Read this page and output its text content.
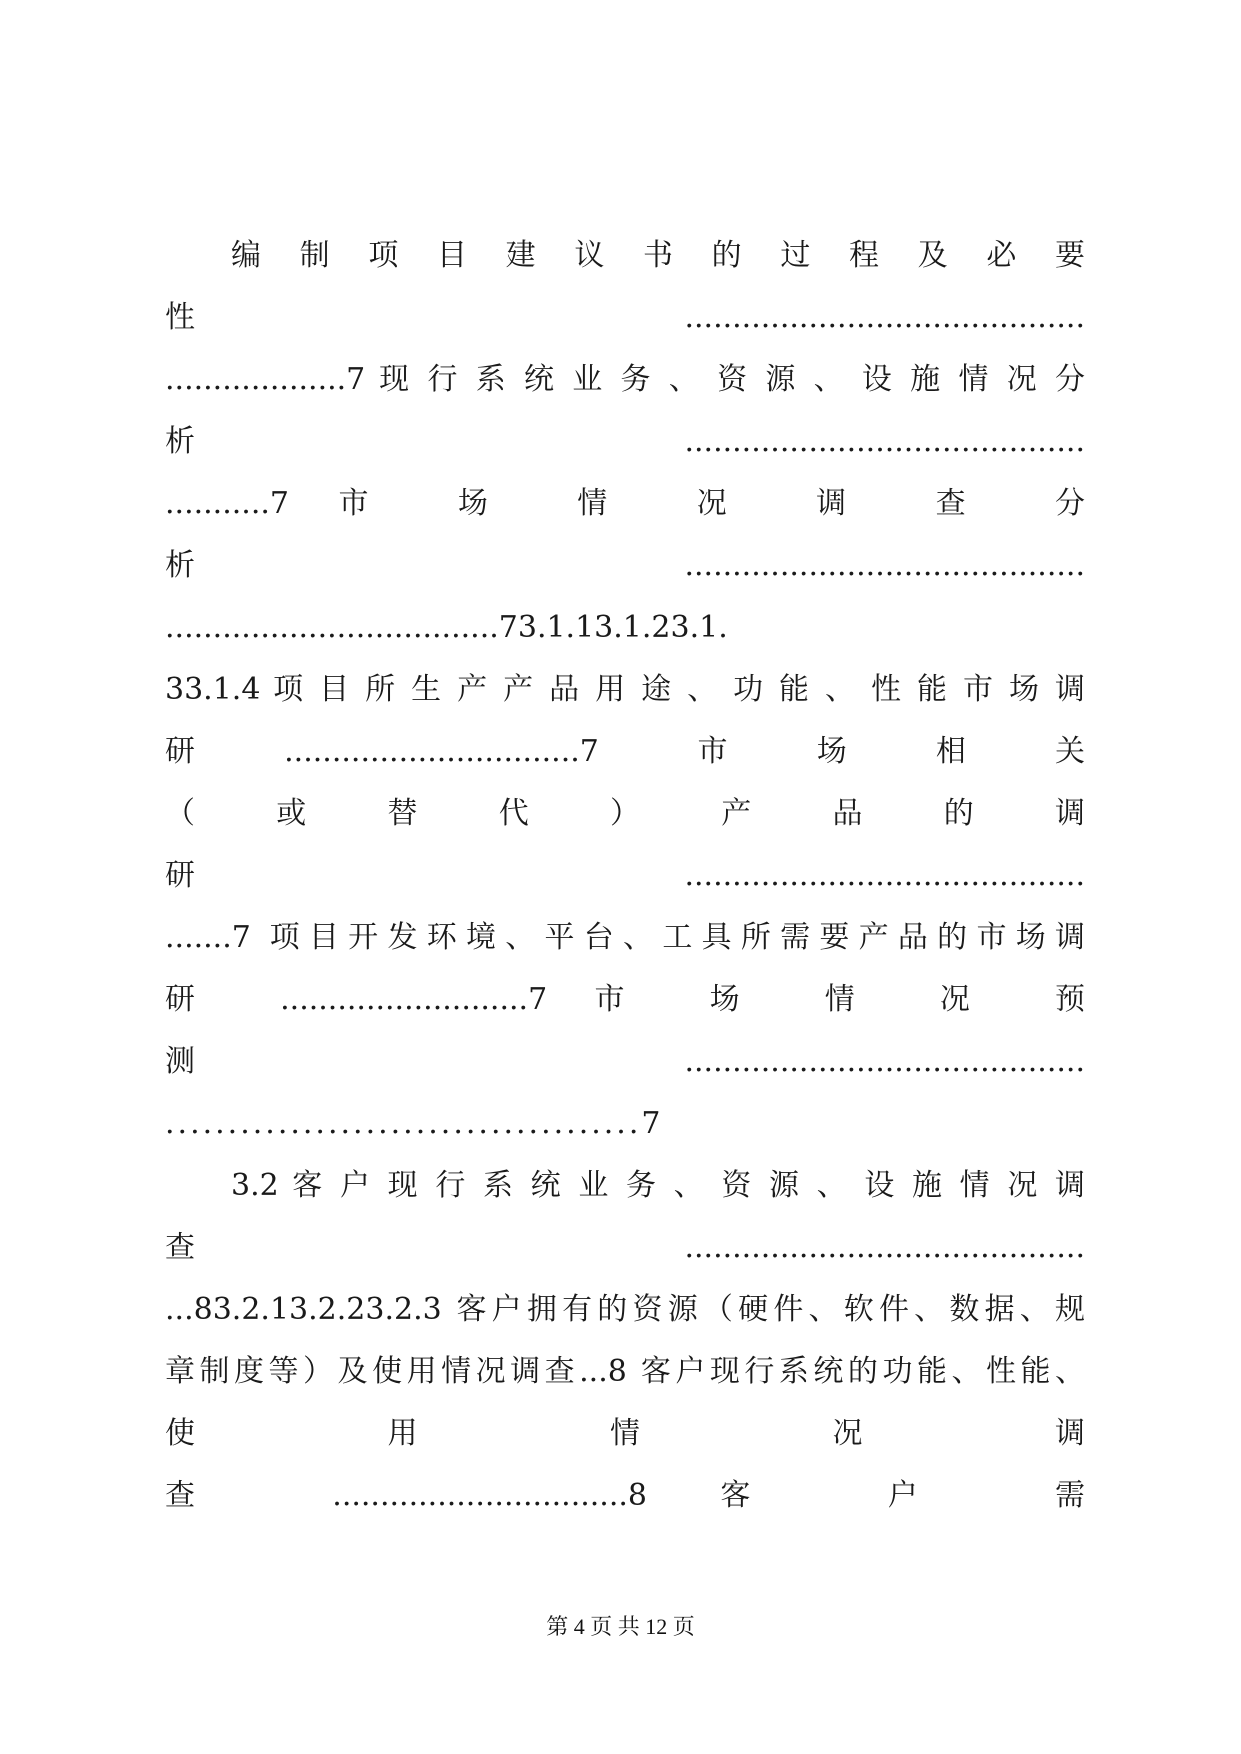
编 制 项 目 建 议 书 的 过 程 及 必 要
性..........................................
...................7 现 行 系 统 业 务 、 资 源 、 设 施 情 况 分
析..........................................
...........7 市 场 情 况 调 查 分
析..........................................
...................................73.1.13.1.23.1.
33.1.4 项 目 所 生 产 产 品 用 途 、 功 能 、 性 能 市 场 调
研...............................7 市场相关
（ 或 替 代 ） 产 品 的 调
研..........................................
.......7 项目开发环境、平台、工具所需要产品的市场调
研 ..........................7 市 场 情 况 预
测..........................................
......................................7
3.2 客 户 现 行 系 统 业 务 、 资 源 、 设 施 情 况 调
查..........................................
...83.2.13.2.23.2.3 客户拥有的资源（硬件、软件、数据、规
章制度等）及使用情况调查...8 客户现行系统的功能、性能、
使 用 情 况 调
查 ...............................8 客 户 需
第 4 页 共 12 页
